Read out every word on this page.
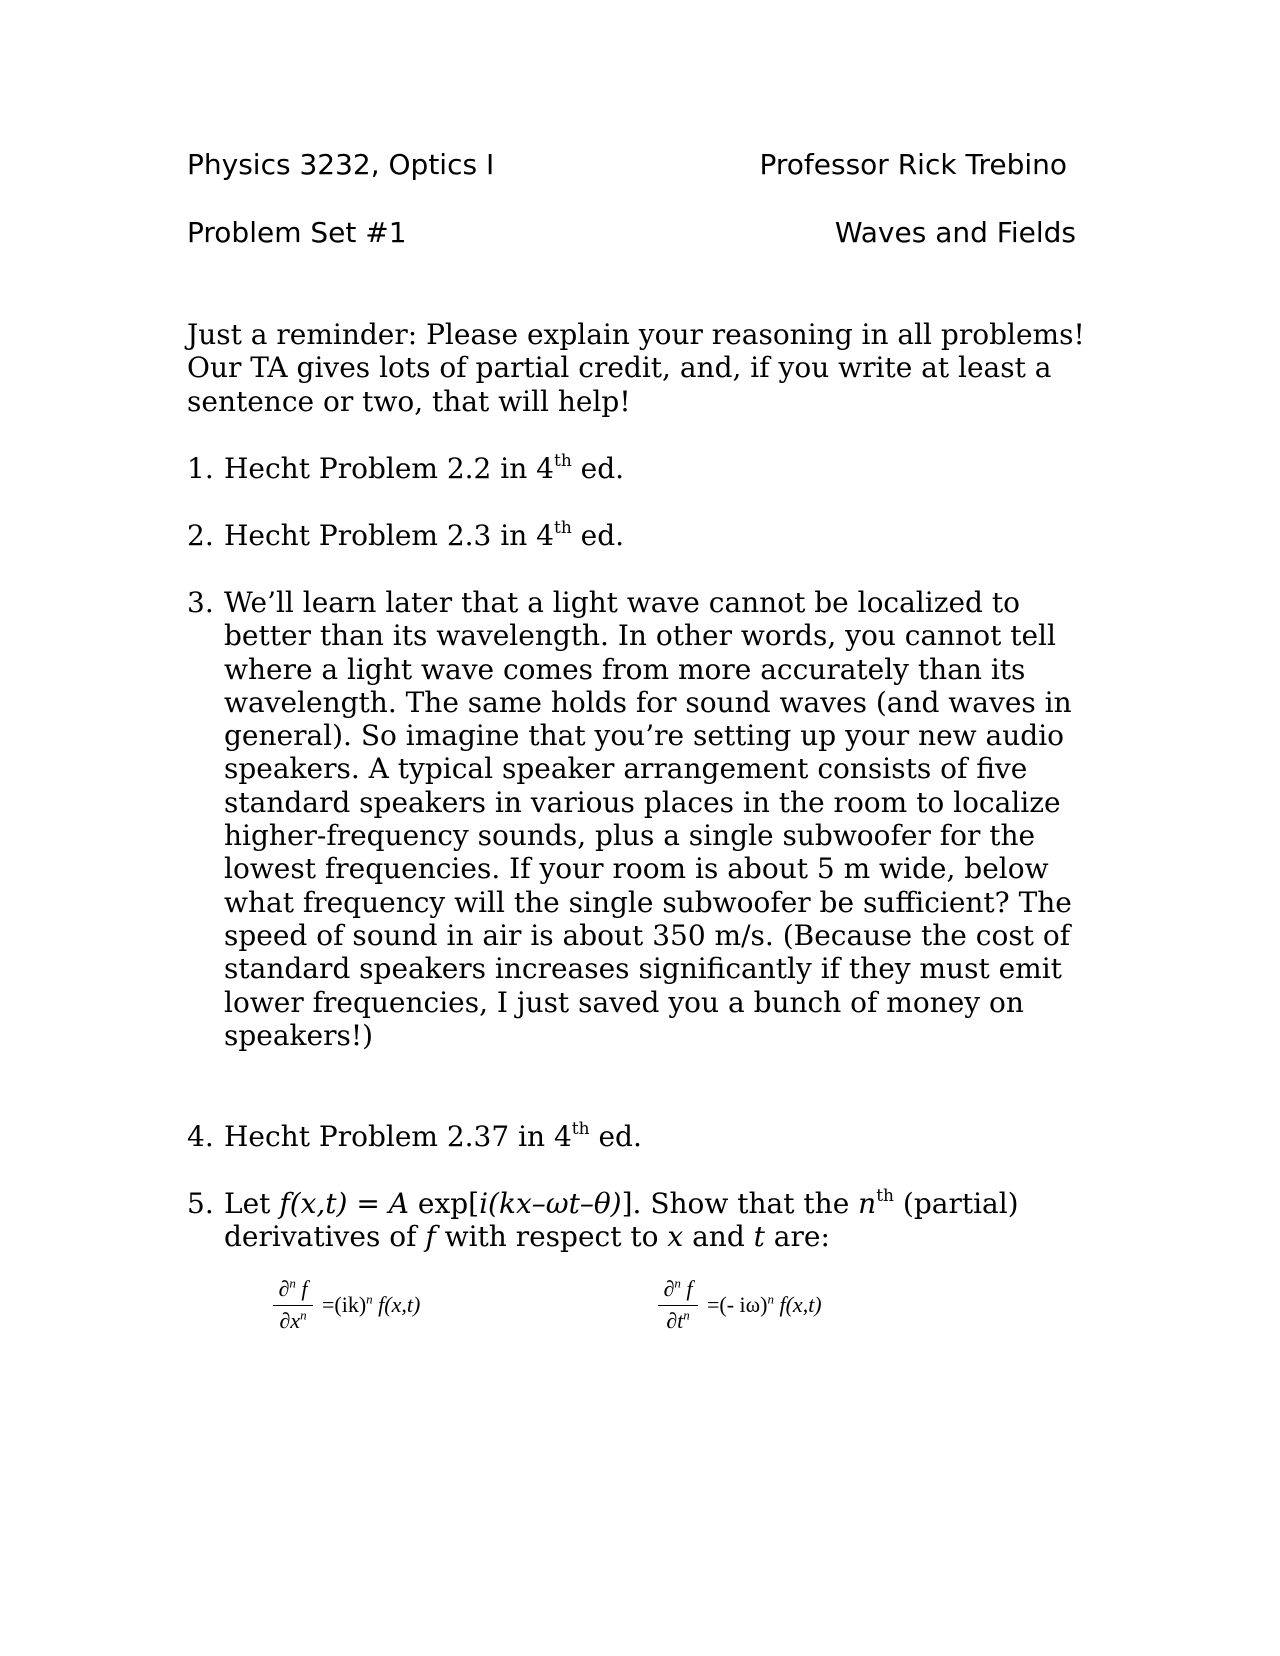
Physics 3232, Optics I	Professor Rick Trebino
Problem Set #1	Waves and Fields
Just a reminder: Please explain your reasoning in all problems! Our TA gives lots of partial credit, and, if you write at least a sentence or two, that will help!
1. Hecht Problem 2.2 in 4th ed.
2. Hecht Problem 2.3 in 4th ed.
3. We’ll learn later that a light wave cannot be localized to better than its wavelength. In other words, you cannot tell where a light wave comes from more accurately than its wavelength. The same holds for sound waves (and waves in general). So imagine that you’re setting up your new audio speakers. A typical speaker arrangement consists of five standard speakers in various places in the room to localize higher-frequency sounds, plus a single subwoofer for the lowest frequencies. If your room is about 5 m wide, below what frequency will the single subwoofer be sufficient? The speed of sound in air is about 350 m/s. (Because the cost of standard speakers increases significantly if they must emit lower frequencies, I just saved you a bunch of money on speakers!)
4. Hecht Problem 2.37 in 4th ed.
5. Let f(x,t) = A exp[i(kx–ωt–θ)]. Show that the $n^{th}$ (partial) derivatives of f with respect to x and t are:
∂$^n$ f
$\partial x^n =(ik)^n$ f(x,t)
∂$^n$ f
$\partial t^n$ =(- iω)$^n$ f(x,t)
